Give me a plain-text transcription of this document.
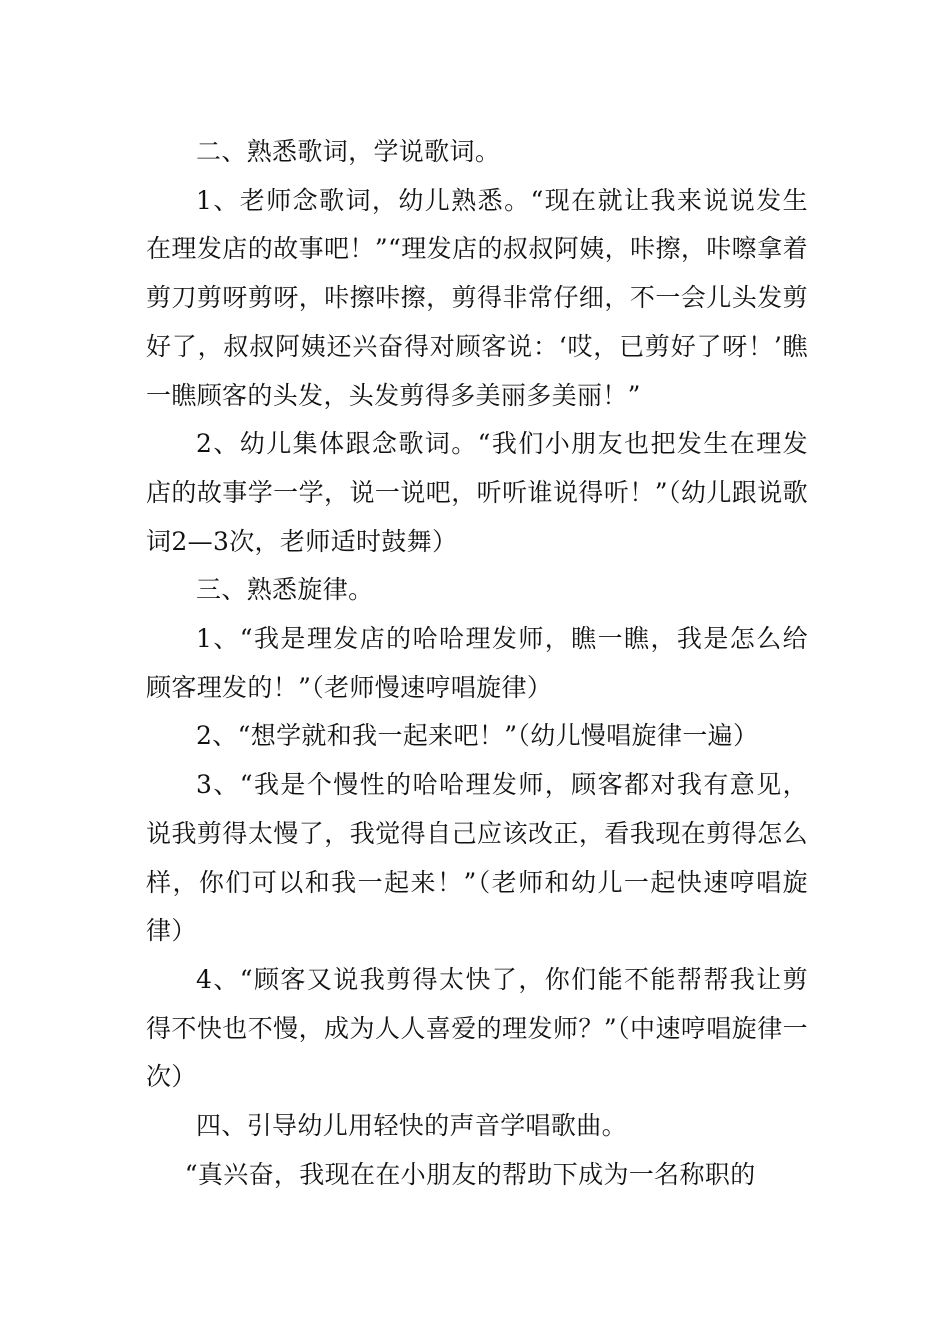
二、熟悉歌词，学说歌词。

1、老师念歌词，幼儿熟悉。“现在就让我来说说发生在理发店的故事吧！”“理发店的叔叔阿姨，咔擦，咔嚓拿着剪刀剪呀剪呀，咔擦咔擦，剪得非常仔细，不一会儿头发剪好了，叔叔阿姨还兴奋得对顾客说：‘哎，已剪好了呀！’瞧一瞧顾客的头发，头发剪得多美丽多美丽！”

2、幼儿集体跟念歌词。“我们小朋友也把发生在理发店的故事学一学，说一说吧，听听谁说得听！”（幼儿跟说歌词2—3次，老师适时鼓舞）

三、熟悉旋律。

1、“我是理发店的哈哈理发师，瞧一瞧，我是怎么给顾客理发的！”（老师慢速哼唱旋律）

2、“想学就和我一起来吧！”（幼儿慢唱旋律一遍）

3、“我是个慢性的哈哈理发师，顾客都对我有意见，说我剪得太慢了，我觉得自己应该改正，看我现在剪得怎么样，你们可以和我一起来！”（老师和幼儿一起快速哼唱旋律）

4、“顾客又说我剪得太快了，你们能不能帮帮我让剪得不快也不慢，成为人人喜爱的理发师？”（中速哼唱旋律一次）

四、引导幼儿用轻快的声音学唱歌曲。

“真兴奋，我现在在小朋友的帮助下成为一名称职的
